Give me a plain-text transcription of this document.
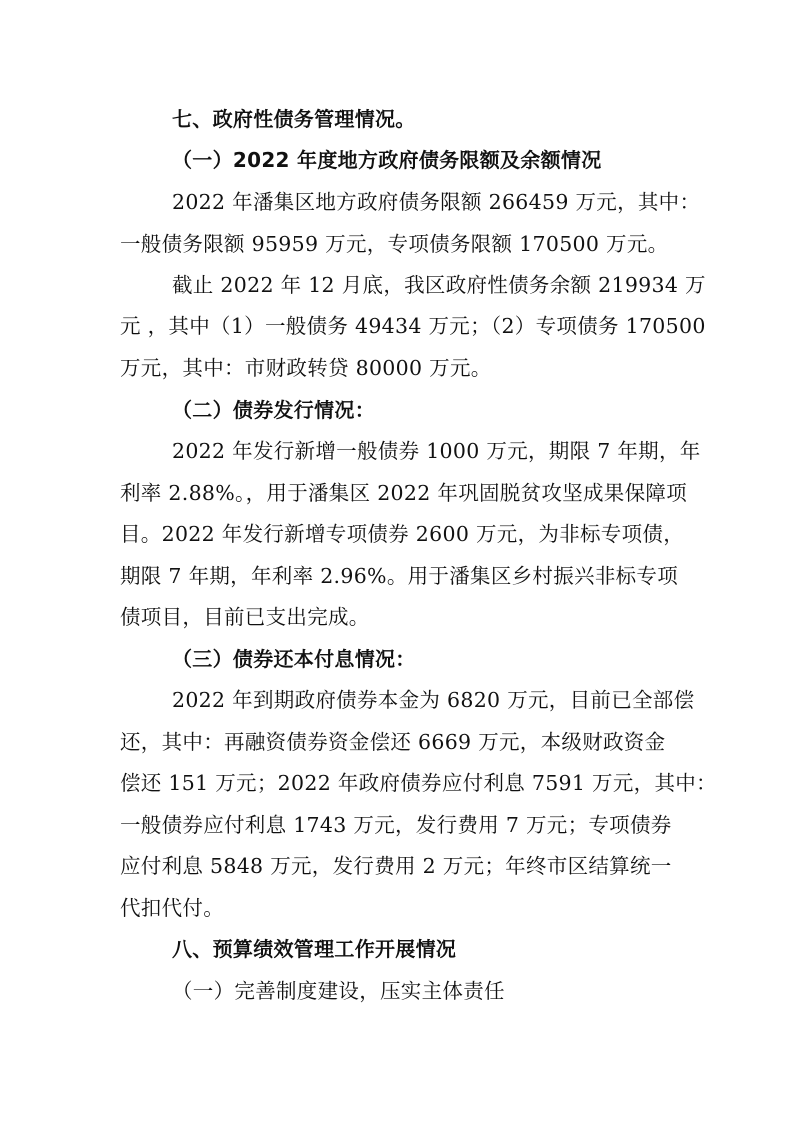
七、政府性债务管理情况。
（一）2022 年度地方政府债务限额及余额情况
2022 年潘集区地方政府债务限额 266459 万元，其中：
一般债务限额 95959 万元，专项债务限额 170500 万元。
截止 2022 年 12 月底，我区政府性债务余额 219934 万
元 ，其中（1）一般债务 49434 万元；（2）专项债务 170500
万元，其中：市财政转贷 80000 万元。
（二）债券发行情况：
2022 年发行新增一般债券 1000 万元，期限 7 年期，年
利率 2.88%。，用于潘集区 2022 年巩固脱贫攻坚成果保障项
目。2022 年发行新增专项债券 2600 万元，为非标专项债，
期限 7 年期，年利率 2.96%。用于潘集区乡村振兴非标专项
债项目，目前已支出完成。
（三）债券还本付息情况：
2022 年到期政府债券本金为 6820 万元，目前已全部偿
还，其中：再融资债券资金偿还 6669 万元，本级财政资金
偿还 151 万元；2022 年政府债券应付利息 7591 万元，其中：
一般债券应付利息 1743 万元，发行费用 7 万元；专项债券
应付利息 5848 万元，发行费用 2 万元；年终市区结算统一
代扣代付。
八、预算绩效管理工作开展情况
（一）完善制度建设，压实主体责任
